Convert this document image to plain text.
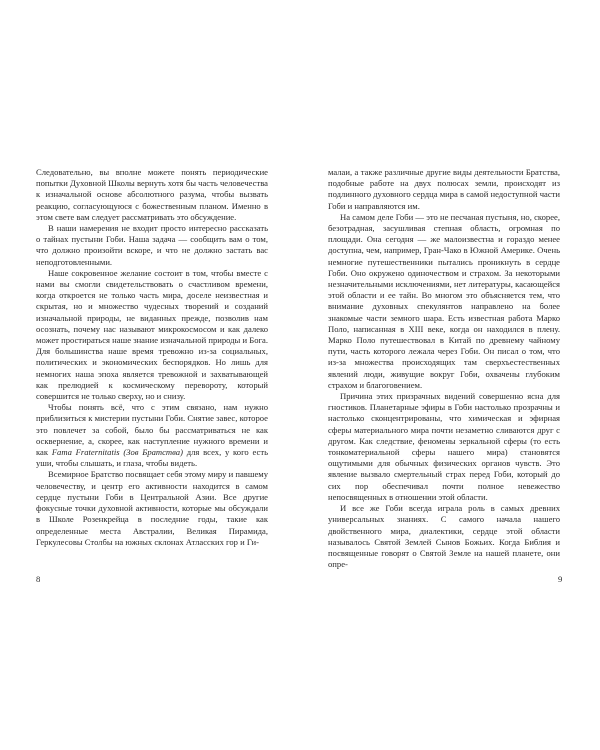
Следовательно, вы вполне можете понять периодические попытки Духовной Школы вернуть хотя бы часть человечества к изначальной основе абсолютного разума, чтобы вызвать реакцию, согласующуюся с божественным планом. Именно в этом свете вам следует рассматривать это обсуждение.

В наши намерения не входит просто интересно рассказать о тайнах пустыни Гоби. Наша задача — сообщить вам о том, что должно произойти вскоре, и что не должно застать вас неподготовленными.

Наше сокровенное желание состоит в том, чтобы вместе с нами вы смогли свидетельствовать о счастливом времени, когда откроется не только часть мира, доселе неизвестная и скрытая, но и множество чудесных творений и созданий изначальной природы, не виданных прежде, позволив нам осознать, почему нас называют микрокосмосом и как далеко может простираться наше знание изначальной природы и Бога. Для большинства наше время тревожно из-за социальных, политических и экономических беспорядков. Но лишь для немногих наша эпоха является тревожной и захватывающей как прелюдией к космическому перевороту, который совершится не только сверху, но и снизу.

Чтобы понять всё, что с этим связано, нам нужно приблизиться к мистерии пустыни Гоби. Снятие завес, которое это повлечет за собой, было бы рассматриваться не как осквернение, а, скорее, как наступление нужного времени и как Fama Fraternitatis (Зов Братства) для всех, у кого есть уши, чтобы слышать, и глаза, чтобы видеть.

Всемирное Братство посвящает себя этому миру и павшему человечеству, и центр его активности находится в самом сердце пустыни Гоби в Центральной Азии. Все другие фокусные точки духовной активности, которые мы обсуждали в Школе Розенкрейца в последние годы, такие как определенные места Австралии, Великая Пирамида, Геркулесовы Столбы на южных склонах Атласских гор и Ги-

8

малаи, а также различные другие виды деятельности Братства, подобные работе на двух полюсах земли, происходят из подлинного духовного сердца мира в самой недоступной части Гоби и направляются им.

На самом деле Гоби — это не песчаная пустыня, но, скорее, безотрадная, засушливая степная область, огромная по площади. Она сегодня — же малоизвестна и гораздо менее доступна, чем, например, Гран-Чако в Южной Америке. Очень немногие путешественники пытались проникнуть в сердце Гоби. Оно окружено одиночеством и страхом. За некоторыми незначительными исключениями, нет литературы, касающейся этой области и ее тайн. Во многом это объясняется тем, что внимание духовных спекулянтов направлено на более знакомые части земного шара. Есть известная работа Марко Поло, написанная в XIII веке, когда он находился в плену. Марко Поло путешествовал в Китай по древнему чайному пути, часть которого лежала через Гоби. Он писал о том, что из-за множества происходящих там сверхъестественных явлений люди, живущие вокруг Гоби, охвачены глубоким страхом и благоговением.

Причина этих призрачных видений совершенно ясна для гностиков. Планетарные эфиры в Гоби настолько прозрачны и настолько сконцентрированы, что химическая и эфирная сферы материального мира почти незаметно сливаются друг с другом. Как следствие, феномены зеркальной сферы (то есть тонкоматериальной сферы нашего мира) становятся ощутимыми для обычных физических органов чувств. Это явление вызвало смертельный страх перед Гоби, который до сих пор обеспечивал почти полное невежество непосвященных в отношении этой области.

И все же Гоби всегда играла роль в самых древних универсальных знаниях. С самого начала нашего двойственного мира, диалектики, сердце этой области называлось Святой Землей Сынов Божьих. Когда Библия и посвященные говорят о Святой Земле на нашей планете, они опре-

9
